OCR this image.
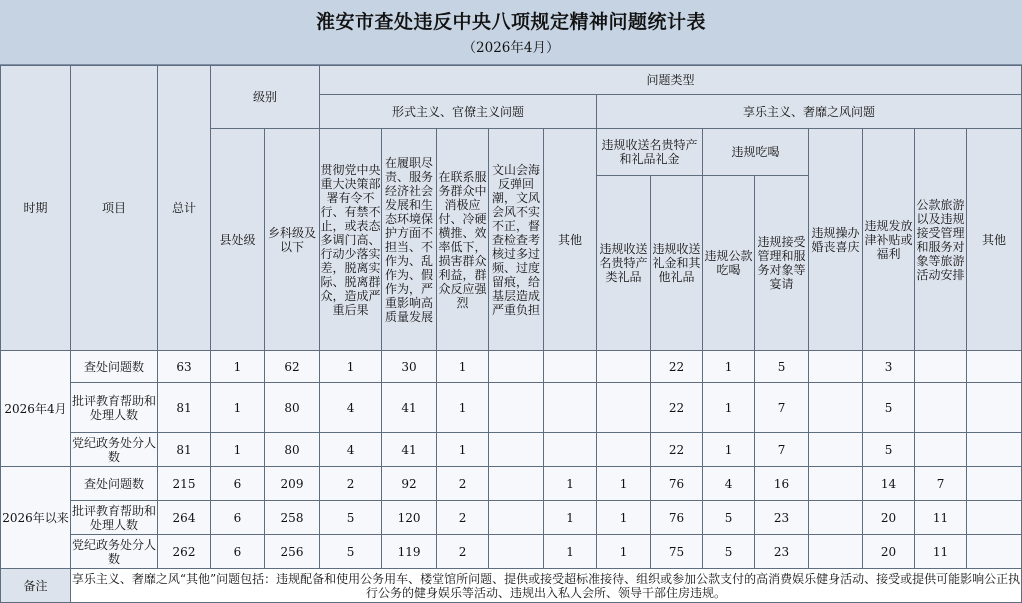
淮安市查处违反中央八项规定精神问题统计表
（2026年4月）
时期	项目	总计	级别		问题类型												
					形式主义、官僚主义问题					享乐主义、奢靡之风问题							
			县处级	乡科级及以下	贯彻党中央重大决策部署有令不行、有禁不止，或表态多调门高、行动少落实差，脱离实际、脱离群众，造成严重后果	在履职尽责、服务经济社会发展和生态环境保护方面不担当、不作为、乱作为、假作为，严重影响高质量发展	在联系服务群众中消极应付、冷硬横推、效率低下，损害群众利益，群众反应强烈	文山会海反弹回潮，文风会风不实不正，督查检查考核过多过频、过度留痕，给基层造成严重负担	其他	违规收送名贵特产和礼品礼金		违规吃喝		违规操办婚丧喜庆	违规发放津补贴或福利	公款旅游以及违规接受管理和服务对象等旅游活动安排	其他
										违规收送名贵特产类礼品	违规收送礼金和其他礼品	违规公款吃喝	违规接受管理和服务对象等宴请				
2026年4月	查处问题数	63	1	62	1	30	1				22	1	5		3		
	批评教育帮助和处理人数	81	1	80	4	41	1				22	1	7		5		
	党纪政务处分人数	81	1	80	4	41	1				22	1	7		5		
2026年以来	查处问题数	215	6	209	2	92	2		1	1	76	4	16		14	7	
	批评教育帮助和处理人数	264	6	258	5	120	2		1	1	76	5	23		20	11	
	党纪政务处分人数	262	6	256	5	119	2		1	1	75	5	23		20	11	
备注	享乐主义、奢靡之风“其他”问题包括：违规配备和使用公务用车、楼堂馆所问题、提供或接受超标准接待、组织或参加公款支付的高消费娱乐健身活动、接受或提供可能影响公正执行公务的健身娱乐等活动、违规出入私人会所、领导干部住房违规。																
